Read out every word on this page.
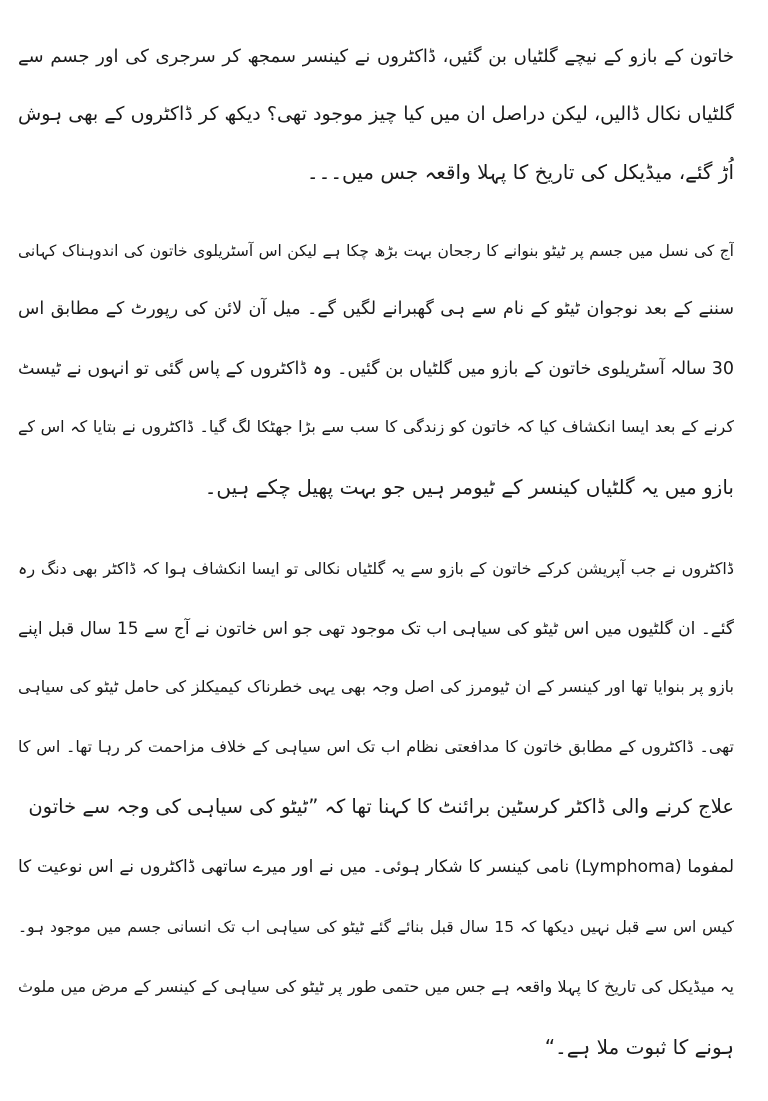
خاتون کے بازو کے نیچے گلٹیاں بن گئیں، ڈاکٹروں نے کینسر سمجھ کر سرجری کی اور جسم سے
گلٹیاں نکال ڈالیں، لیکن دراصل ان میں کیا چیز موجود تھی؟ دیکھ کر ڈاکٹروں کے بھی ہوش
اُڑ گئے، میڈیکل کی تاریخ کا پہلا واقعہ جس میں۔۔۔
آج کی نسل میں جسم پر ٹیٹو بنوانے کا رجحان بہت بڑھ چکا ہے لیکن اس آسٹریلوی خاتون کی اندوہناک کہانی
سننے کے بعد نوجوان ٹیٹو کے نام سے ہی گھبرانے لگیں گے۔ میل آن لائن کی رپورٹ کے مطابق اس
30 سالہ آسٹریلوی خاتون کے بازو میں گلٹیاں بن گئیں۔ وہ ڈاکٹروں کے پاس گئی تو انہوں نے ٹیسٹ
کرنے کے بعد ایسا انکشاف کیا کہ خاتون کو زندگی کا سب سے بڑا جھٹکا لگ گیا۔ ڈاکٹروں نے بتایا کہ اس کے
بازو میں یہ گلٹیاں کینسر کے ٹیومر ہیں جو بہت پھیل چکے ہیں۔
ڈاکٹروں نے جب آپریشن کرکے خاتون کے بازو سے یہ گلٹیاں نکالی تو ایسا انکشاف ہوا کہ ڈاکٹر بھی دنگ رہ
گئے۔ ان گلٹیوں میں اس ٹیٹو کی سیاہی اب تک موجود تھی جو اس خاتون نے آج سے 15 سال قبل اپنے
بازو پر بنوایا تھا اور کینسر کے ان ٹیومرز کی اصل وجہ بھی یہی خطرناک کیمیکلز کی حامل ٹیٹو کی سیاہی
تھی۔ ڈاکٹروں کے مطابق خاتون کا مدافعتی نظام اب تک اس سیاہی کے خلاف مزاحمت کر رہا تھا۔ اس کا
علاج کرنے والی ڈاکٹر کرسٹین برائنٹ کا کہنا تھا کہ ”ٹیٹو کی سیاہی کی وجہ سے خاتون
لمفوما (Lymphoma) نامی کینسر کا شکار ہوئی۔ میں نے اور میرے ساتھی ڈاکٹروں نے اس نوعیت کا
کیس اس سے قبل نہیں دیکھا کہ 15 سال قبل بنائے گئے ٹیٹو کی سیاہی اب تک انسانی جسم میں موجود ہو۔
یہ میڈیکل کی تاریخ کا پہلا واقعہ ہے جس میں حتمی طور پر ٹیٹو کی سیاہی کے کینسر کے مرض میں ملوث
ہونے کا ثبوت ملا ہے۔“
